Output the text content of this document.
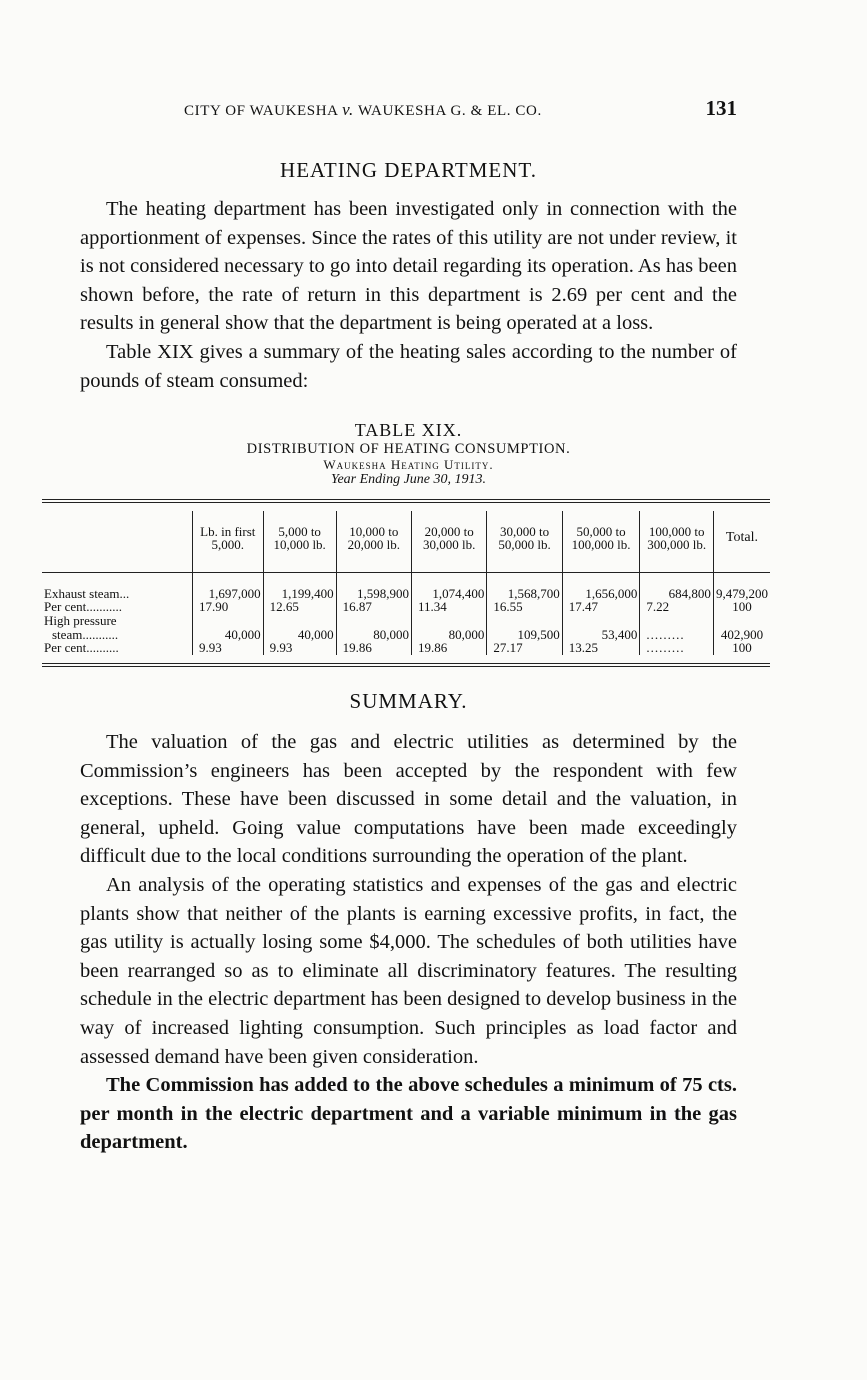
CITY OF WAUKESHA v. WAUKESHA G. & EL. CO.	131
HEATING DEPARTMENT.

The heating department has been investigated only in connection with the apportionment of expenses. Since the rates of this utility are not under review, it is not considered necessary to go into detail regarding its operation. As has been shown before, the rate of return in this department is 2.69 per cent and the results in general show that the department is being operated at a loss.

Table XIX gives a summary of the heating sales according to the number of pounds of steam consumed:

TABLE XIX.
DISTRIBUTION OF HEATING CONSUMPTION.
Waukesha Heating Utility.
Year Ending June 30, 1913.
	Lb. in first 5,000.	5,000 to 10,000 lb.	10,000 to 20,000 lb.	20,000 to 30,000 lb.	30,000 to 50,000 lb.	50,000 to 100,000 lb.	100,000 to 300,000 lb.	Total.

Exhaust steam...	1,697,000	1,199,400	1,598,900	1,074,400	1,568,700	1,656,000	684,800	9,479,200
Per cent...........	17.90	12.65	16.87	11.34	16.55	17.47	7.22	100
High pressure								
steam...........	40,000	40,000	80,000	80,000	109,500	53,400	.........	402,900
Per cent..........	9.93	9.93	19.86	19.86	27.17	13.25	.........	100
SUMMARY.

The valuation of the gas and electric utilities as determined by the Commission’s engineers has been accepted by the respondent with few exceptions. These have been discussed in some detail and the valuation, in general, upheld. Going value computations have been made exceedingly difficult due to the local conditions surrounding the operation of the plant.

An analysis of the operating statistics and expenses of the gas and electric plants show that neither of the plants is earning excessive profits, in fact, the gas utility is actually losing some $4,000. The schedules of both utilities have been rearranged so as to eliminate all discriminatory features. The resulting schedule in the electric department has been designed to develop business in the way of increased lighting consumption. Such principles as load factor and assessed demand have been given consideration.

The Commission has added to the above schedules a minimum of 75 cts. per month in the electric department and a variable minimum in the gas department.
